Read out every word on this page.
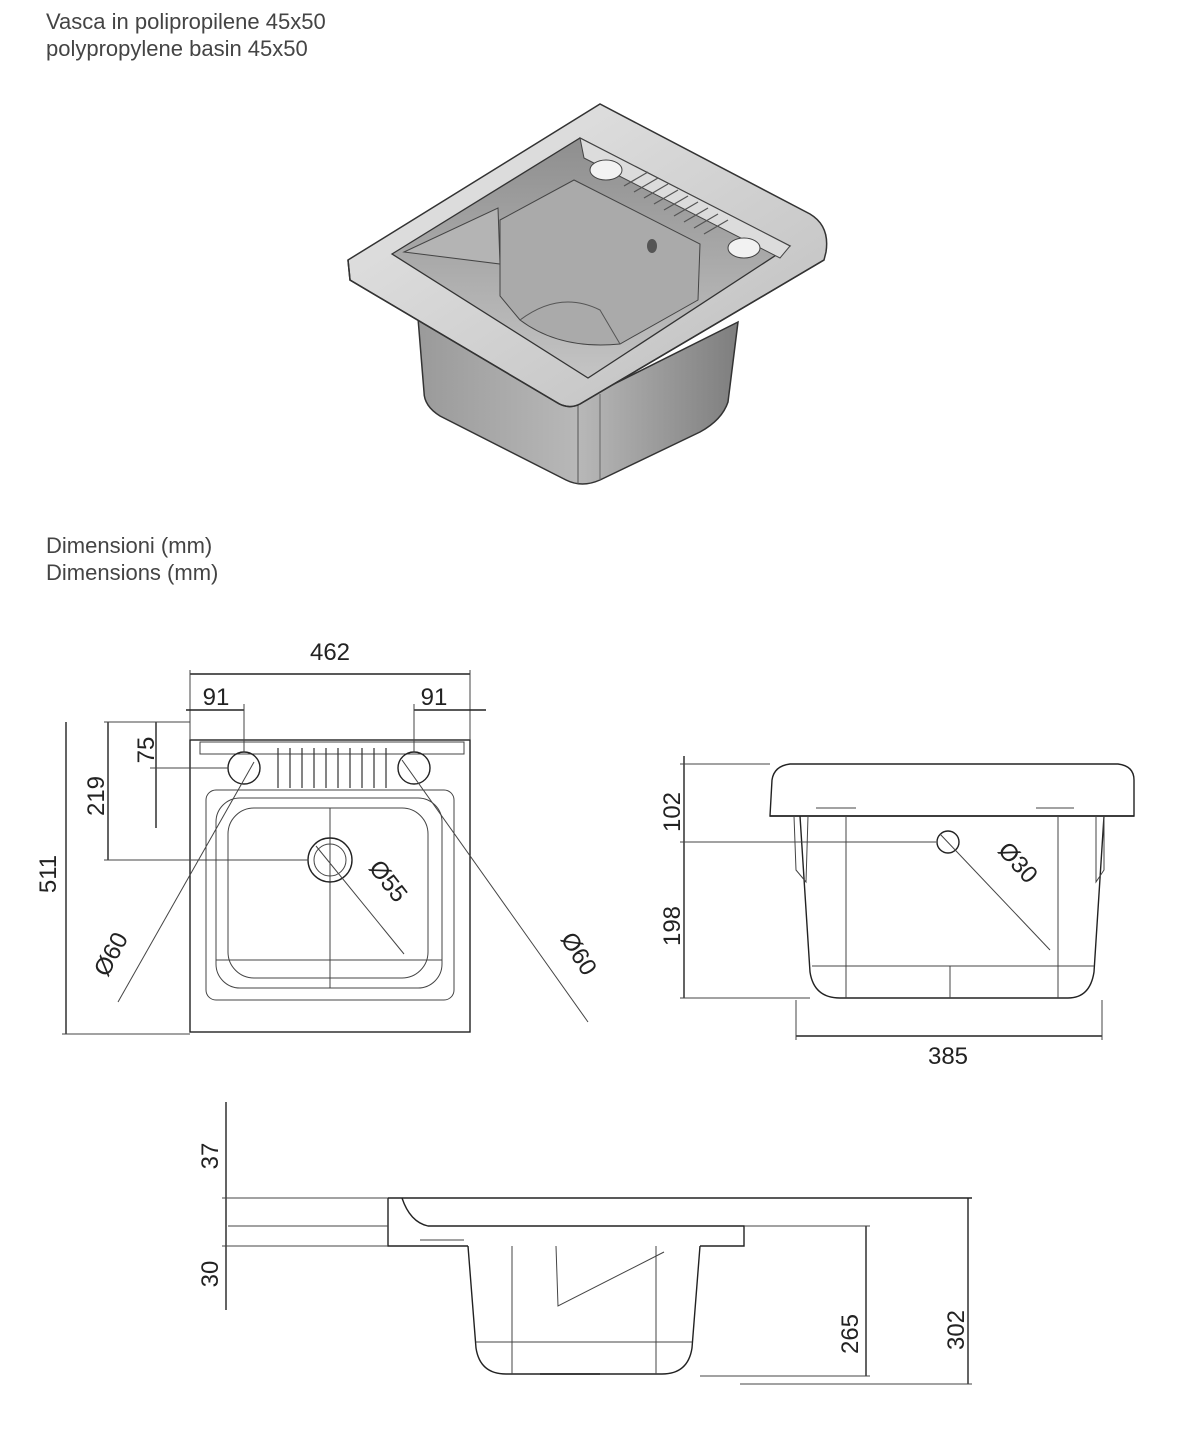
Vasca in polipropilene 45x50
polypropylene basin 45x50
Dimensioni (mm)
Dimensions (mm)
462
91	91
75
219
511
Ø60	Ø60
Ø55
102
198
Ø30
385
37
30
265	302
